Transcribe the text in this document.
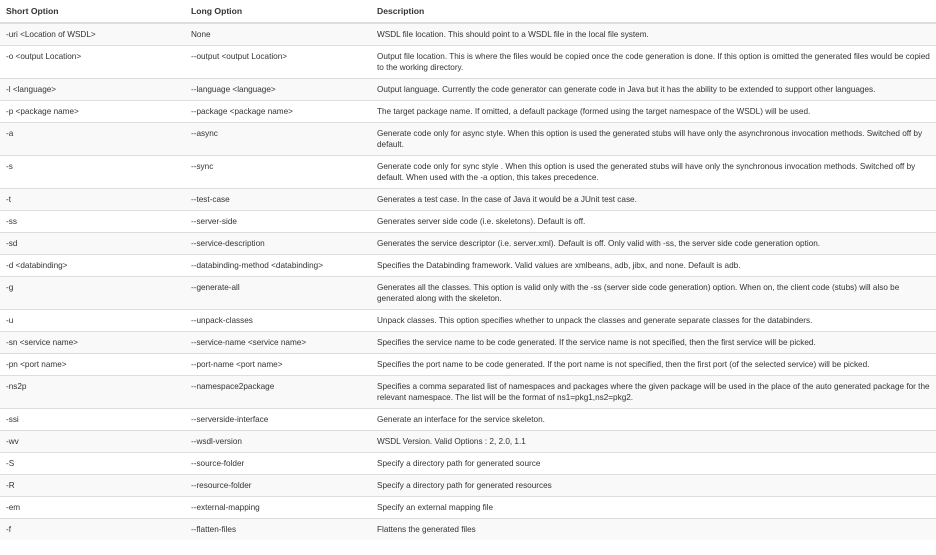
Short Option	Long Option	Description
-uri <Location of WSDL>	None	WSDL file location. This should point to a WSDL file in the local file system.
-o <output Location>	--output <output Location>	Output file location. This is where the files would be copied once the code generation is done. If this option is omitted the generated files would be copied to the working directory.
-l <language>	--language <language>	Output language. Currently the code generator can generate code in Java but it has the ability to be extended to support other languages.
-p <package name>	--package <package name>	The target package name. If omitted, a default package (formed using the target namespace of the WSDL) will be used.
-a	--async	Generate code only for async style. When this option is used the generated stubs will have only the asynchronous invocation methods. Switched off by default.
-s	--sync	Generate code only for sync style . When this option is used the generated stubs will have only the synchronous invocation methods. Switched off by default. When used with the -a option, this takes precedence.
-t	--test-case	Generates a test case. In the case of Java it would be a JUnit test case.
-ss	--server-side	Generates server side code (i.e. skeletons). Default is off.
-sd	--service-description	Generates the service descriptor (i.e. server.xml). Default is off. Only valid with -ss, the server side code generation option.
-d <databinding>	--databinding-method <databinding>	Specifies the Databinding framework. Valid values are xmlbeans, adb, jibx, and none. Default is adb.
-g	--generate-all	Generates all the classes. This option is valid only with the -ss (server side code generation) option. When on, the client code (stubs) will also be generated along with the skeleton.
-u	--unpack-classes	Unpack classes. This option specifies whether to unpack the classes and generate separate classes for the databinders.
-sn <service name>	--service-name <service name>	Specifies the service name to be code generated. If the service name is not specified, then the first service will be picked.
-pn <port name>	--port-name <port name>	Specifies the port name to be code generated. If the port name is not specified, then the first port (of the selected service) will be picked.
-ns2p	--namespace2package	Specifies a comma separated list of namespaces and packages where the given package will be used in the place of the auto generated package for the relevant namespace. The list will be the format of ns1=pkg1,ns2=pkg2.
-ssi	--serverside-interface	Generate an interface for the service skeleton.
-wv	--wsdl-version	WSDL Version. Valid Options : 2, 2.0, 1.1
-S	--source-folder	Specify a directory path for generated source
-R	--resource-folder	Specify a directory path for generated resources
-em	--external-mapping	Specify an external mapping file
-f	--flatten-files	Flattens the generated files
